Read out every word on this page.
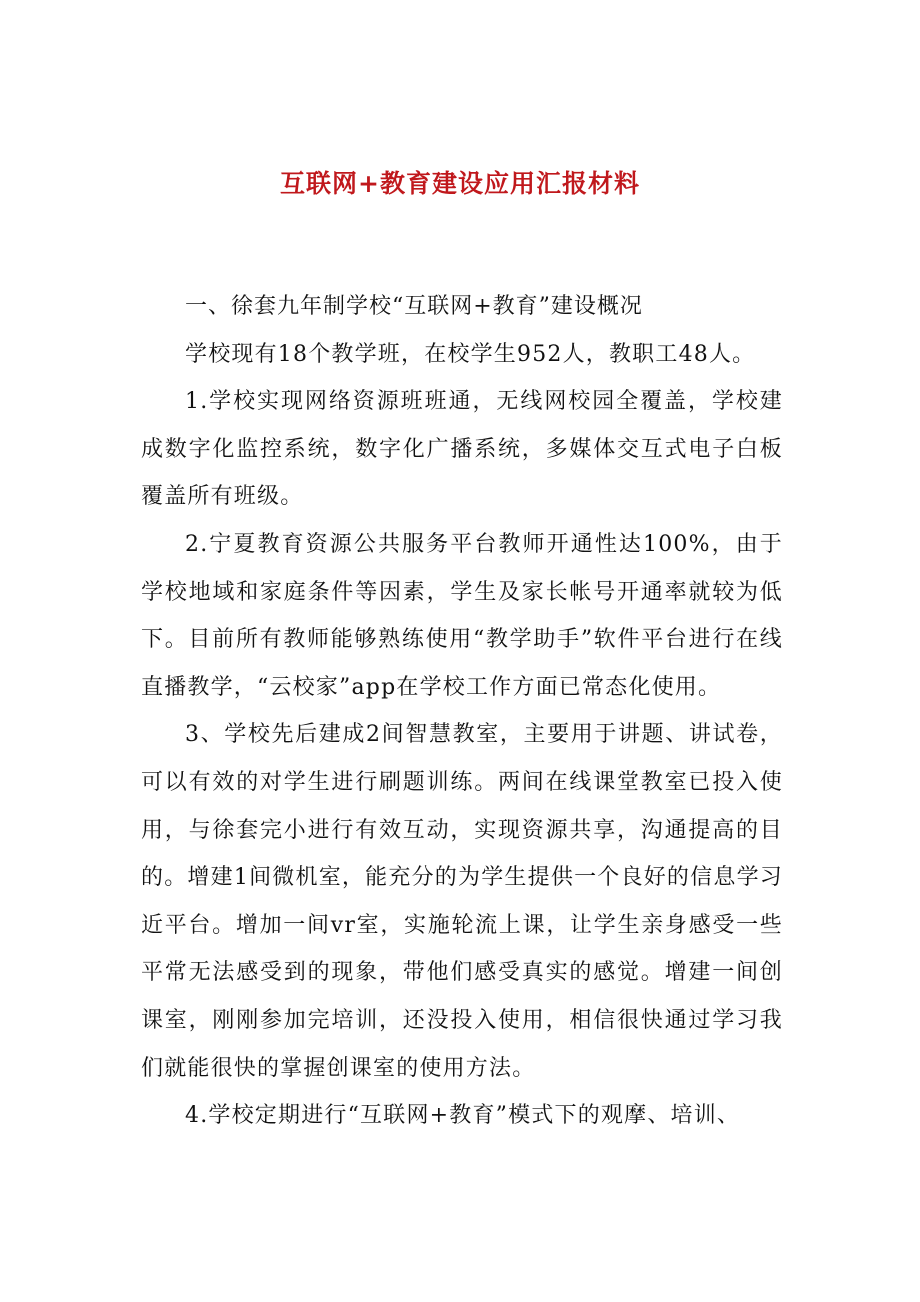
互联网+教育建设应用汇报材料

一、徐套九年制学校“互联网+教育”建设概况

学校现有18个教学班，在校学生952人，教职工48人。

1.学校实现网络资源班班通，无线网校园全覆盖，学校建成数字化监控系统，数字化广播系统，多媒体交互式电子白板覆盖所有班级。

2.宁夏教育资源公共服务平台教师开通性达100%，由于学校地域和家庭条件等因素，学生及家长帐号开通率就较为低下。目前所有教师能够熟练使用“教学助手”软件平台进行在线直播教学，“云校家”app在学校工作方面已常态化使用。

3、学校先后建成2间智慧教室，主要用于讲题、讲试卷，可以有效的对学生进行刷题训练。两间在线课堂教室已投入使用，与徐套完小进行有效互动，实现资源共享，沟通提高的目的。增建1间微机室，能充分的为学生提供一个良好的信息学习近平台。增加一间vr室，实施轮流上课，让学生亲身感受一些平常无法感受到的现象，带他们感受真实的感觉。增建一间创课室，刚刚参加完培训，还没投入使用，相信很快通过学习我们就能很快的掌握创课室的使用方法。

4.学校定期进行“互联网+教育”模式下的观摩、培训、
